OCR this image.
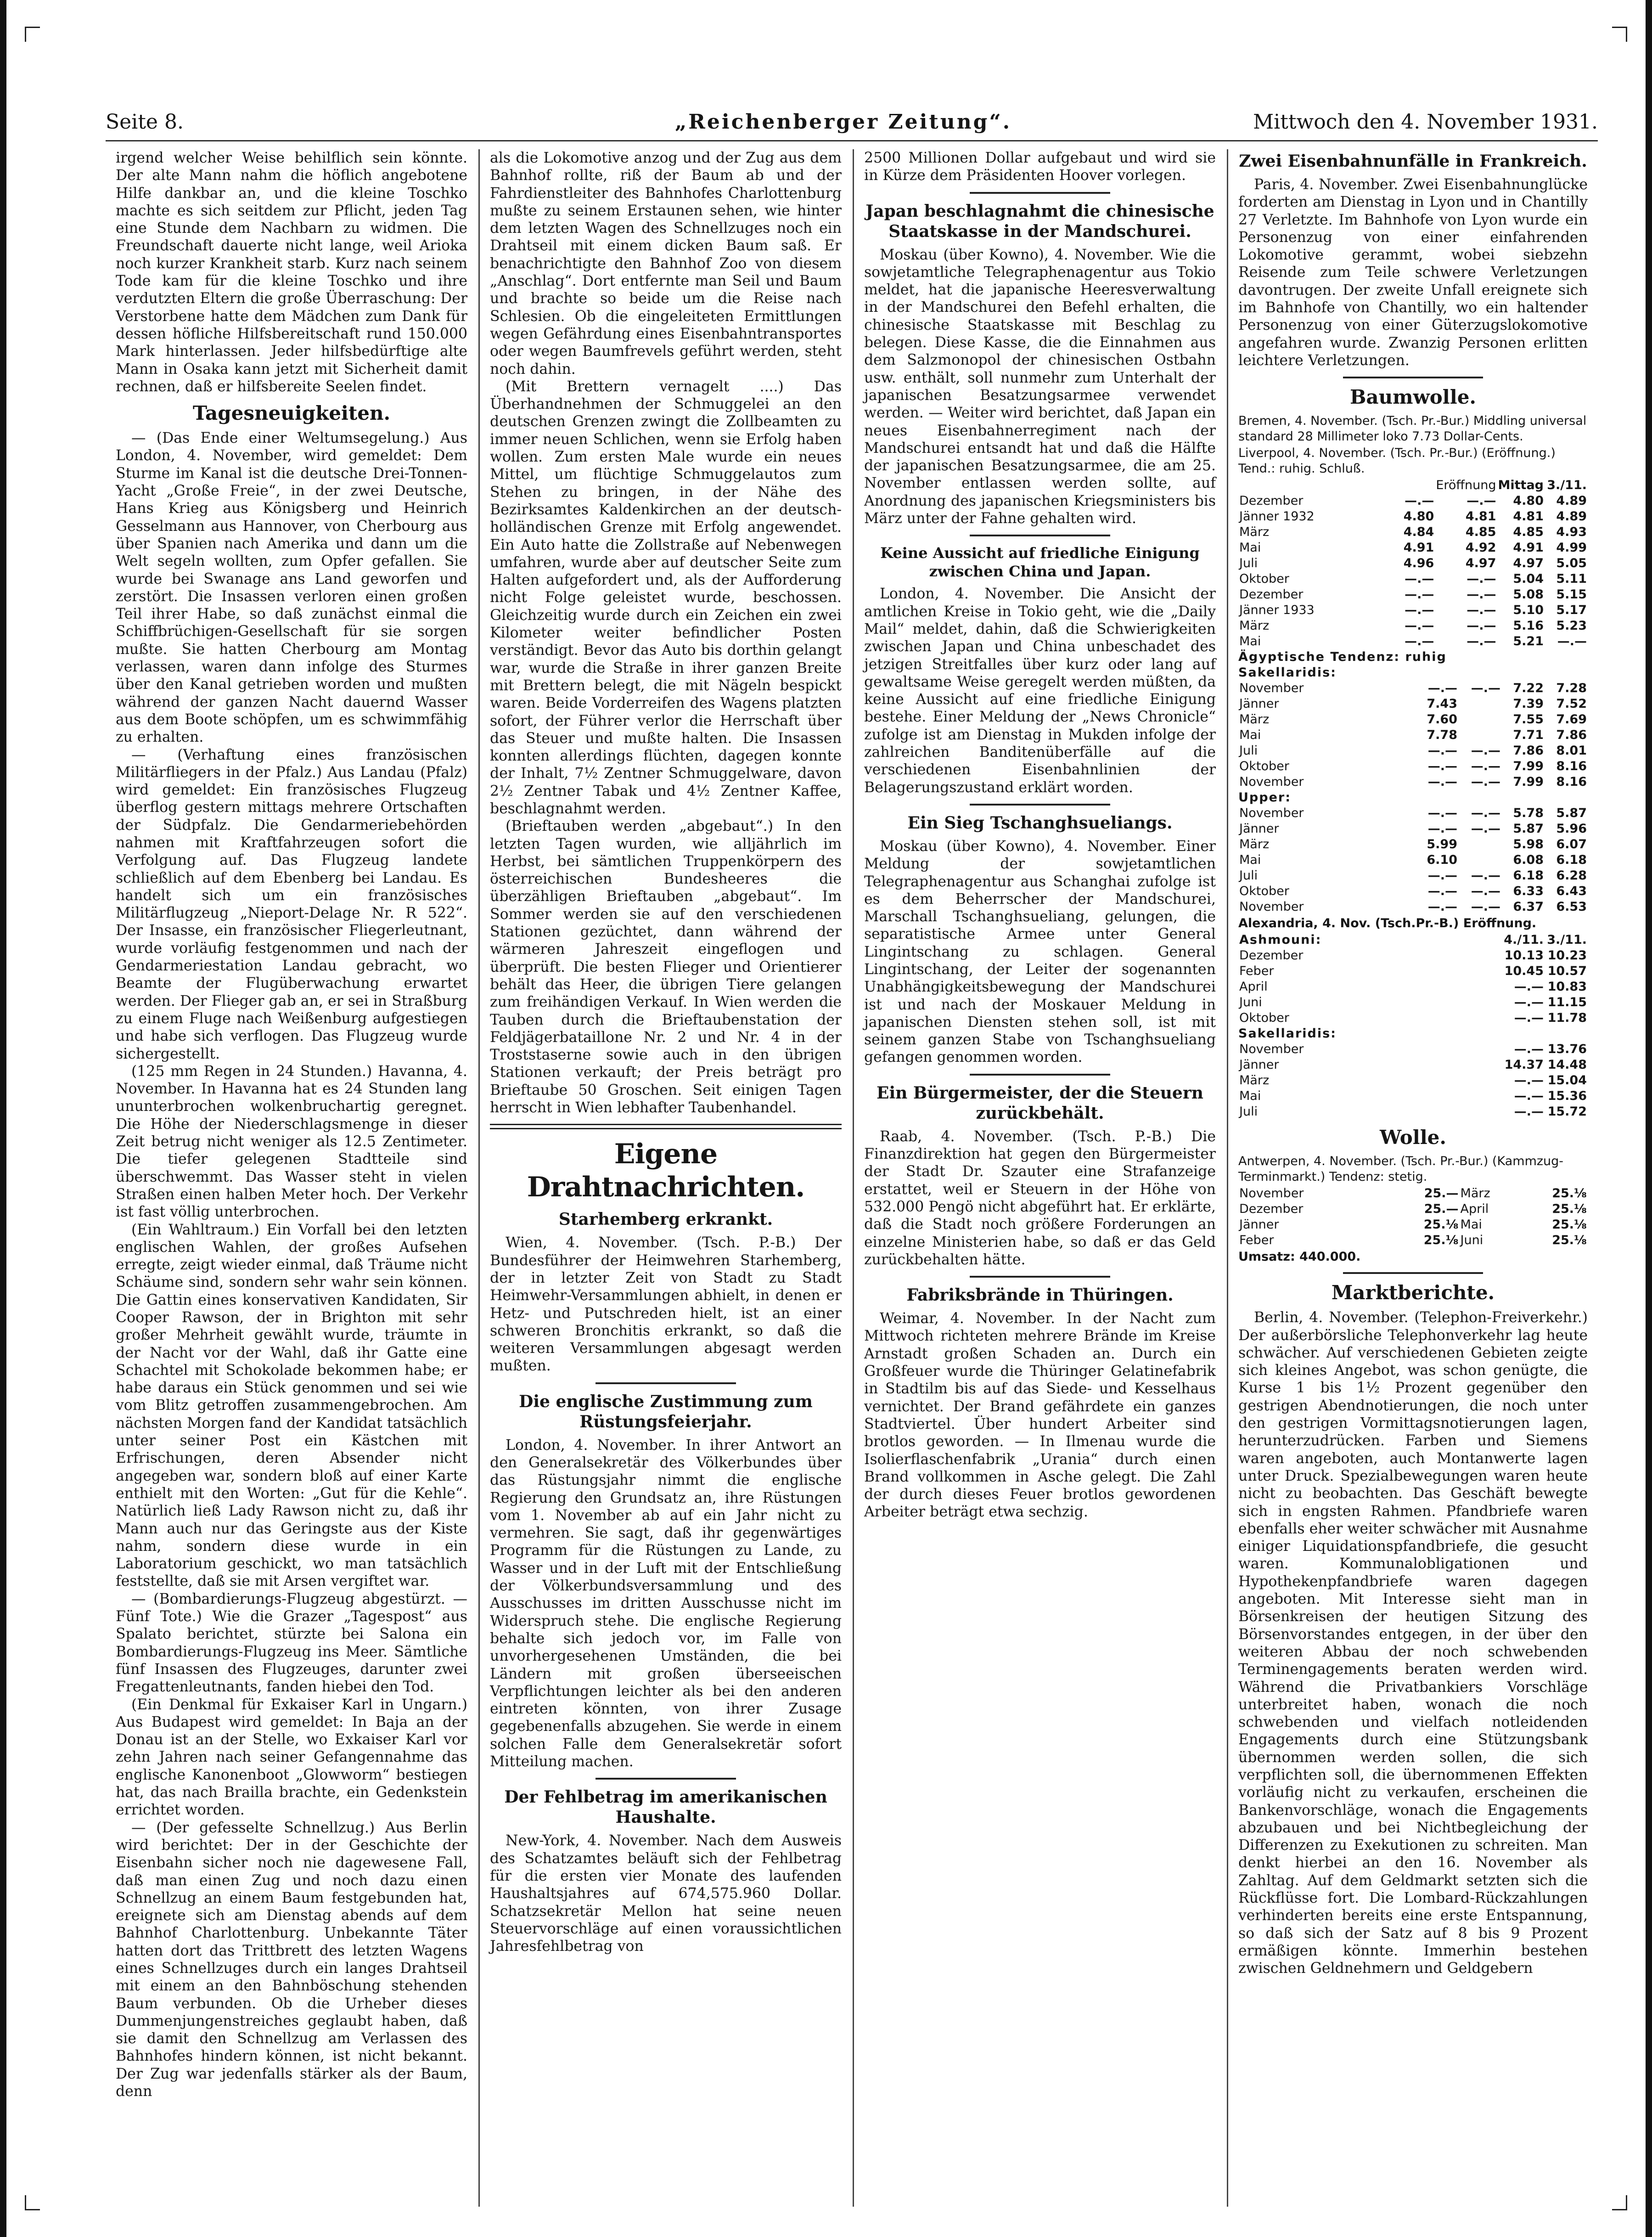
Seite 8.	„Reichenberger Zeitung“.	Mittwoch den 4. November 1931.

irgend welcher Weise behilflich sein könnte. Der alte Mann nahm die höflich angebotene Hilfe dankbar an, und die kleine Toschko machte es sich seitdem zur Pflicht, jeden Tag eine Stunde dem Nachbarn zu widmen. Die Freundschaft dauerte nicht lange, weil Arioka noch kurzer Krankheit starb. Kurz nach seinem Tode kam für die kleine Toschko und ihre verdutzten Eltern die große Überraschung: Der Verstorbene hatte dem Mädchen zum Dank für dessen höfliche Hilfsbereitschaft rund 150.000 Mark hinterlassen. Jeder hilfsbedürftige alte Mann in Osaka kann jetzt mit Sicherheit damit rechnen, daß er hilfsbereite Seelen findet.

Tagesneuigkeiten.

— (Das Ende einer Weltumsegelung.) Aus London, 4. November, wird gemeldet: Dem Sturme im Kanal ist die deutsche Drei-Tonnen-Yacht „Große Freie“, in der zwei Deutsche, Hans Krieg aus Königsberg und Heinrich Gesselmann aus Hannover, von Cherbourg aus über Spanien nach Amerika und dann um die Welt segeln wollten, zum Opfer gefallen. Sie wurde bei Swanage ans Land geworfen und zerstört. Die Insassen verloren einen großen Teil ihrer Habe, so daß zunächst einmal die Schiffbrüchigen-Gesellschaft für sie sorgen mußte. Sie hatten Cherbourg am Montag verlassen, waren dann infolge des Sturmes über den Kanal getrieben worden und mußten während der ganzen Nacht dauernd Wasser aus dem Boote schöpfen, um es schwimmfähig zu erhalten.

— (Verhaftung eines französischen Militärfliegers in der Pfalz.) Aus Landau (Pfalz) wird gemeldet: Ein französisches Flugzeug überflog gestern mittags mehrere Ortschaften der Südpfalz. Die Gendarmeriebehörden nahmen mit Kraftfahrzeugen sofort die Verfolgung auf. Das Flugzeug landete schließlich auf dem Ebenberg bei Landau. Es handelt sich um ein französisches Militärflugzeug „Nieport-Delage Nr. R 522“. Der Insasse, ein französischer Fliegerleutnant, wurde vorläufig festgenommen und nach der Gendarmeriestation Landau gebracht, wo Beamte der Flugüberwachung erwartet werden. Der Flieger gab an, er sei in Straßburg zu einem Fluge nach Weißenburg aufgestiegen und habe sich verflogen. Das Flugzeug wurde sichergestellt.

(125 mm Regen in 24 Stunden.) Havanna, 4. November. In Havanna hat es 24 Stunden lang ununterbrochen wolkenbruchartig geregnet. Die Höhe der Niederschlagsmenge in dieser Zeit betrug nicht weniger als 12.5 Zentimeter. Die tiefer gelegenen Stadtteile sind überschwemmt. Das Wasser steht in vielen Straßen einen halben Meter hoch. Der Verkehr ist fast völlig unterbrochen.

(Ein Wahltraum.) Ein Vorfall bei den letzten englischen Wahlen, der großes Aufsehen erregte, zeigt wieder einmal, daß Träume nicht Schäume sind, sondern sehr wahr sein können. Die Gattin eines konservativen Kandidaten, Sir Cooper Rawson, der in Brighton mit sehr großer Mehrheit gewählt wurde, träumte in der Nacht vor der Wahl, daß ihr Gatte eine Schachtel mit Schokolade bekommen habe; er habe daraus ein Stück genommen und sei wie vom Blitz getroffen zusammengebrochen. Am nächsten Morgen fand der Kandidat tatsächlich unter seiner Post ein Kästchen mit Erfrischungen, deren Absender nicht angegeben war, sondern bloß auf einer Karte enthielt mit den Worten: „Gut für die Kehle“. Natürlich ließ Lady Rawson nicht zu, daß ihr Mann auch nur das Geringste aus der Kiste nahm, sondern diese wurde in ein Laboratorium geschickt, wo man tatsächlich feststellte, daß sie mit Arsen vergiftet war.

— (Bombardierungs-Flugzeug abgestürzt. — Fünf Tote.) Wie die Grazer „Tagespost“ aus Spalato berichtet, stürzte bei Salona ein Bombardierungs-Flugzeug ins Meer. Sämtliche fünf Insassen des Flugzeuges, darunter zwei Fregattenleutnants, fanden hiebei den Tod.

(Ein Denkmal für Exkaiser Karl in Ungarn.) Aus Budapest wird gemeldet: In Baja an der Donau ist an der Stelle, wo Exkaiser Karl vor zehn Jahren nach seiner Gefangennahme das englische Kanonenboot „Glowworm“ bestiegen hat, das nach Brailla brachte, ein Gedenkstein errichtet worden.

— (Der gefesselte Schnellzug.) Aus Berlin wird berichtet: Der in der Geschichte der Eisenbahn sicher noch nie dagewesene Fall, daß man einen Zug und noch dazu einen Schnellzug an einem Baum festgebunden hat, ereignete sich am Dienstag abends auf dem Bahnhof Charlottenburg. Unbekannte Täter hatten dort das Trittbrett des letzten Wagens eines Schnellzuges durch ein langes Drahtseil mit einem an den Bahnböschung stehenden Baum verbunden. Ob die Urheber dieses Dummenjungenstreiches geglaubt haben, daß sie damit den Schnellzug am Verlassen des Bahnhofes hindern können, ist nicht bekannt. Der Zug war jedenfalls stärker als der Baum, denn

als die Lokomotive anzog und der Zug aus dem Bahnhof rollte, riß der Baum ab und der Fahrdienstleiter des Bahnhofes Charlottenburg mußte zu seinem Erstaunen sehen, wie hinter dem letzten Wagen des Schnellzuges noch ein Drahtseil mit einem dicken Baum saß. Er benachrichtigte den Bahnhof Zoo von diesem „Anschlag“. Dort entfernte man Seil und Baum und brachte so beide um die Reise nach Schlesien. Ob die eingeleiteten Ermittlungen wegen Gefährdung eines Eisenbahntransportes oder wegen Baumfrevels geführt werden, steht noch dahin.

(Mit Brettern vernagelt ....) Das Überhandnehmen der Schmuggelei an den deutschen Grenzen zwingt die Zollbeamten zu immer neuen Schlichen, wenn sie Erfolg haben wollen. Zum ersten Male wurde ein neues Mittel, um flüchtige Schmuggelautos zum Stehen zu bringen, in der Nähe des Bezirksamtes Kaldenkirchen an der deutsch-holländischen Grenze mit Erfolg angewendet. Ein Auto hatte die Zollstraße auf Nebenwegen umfahren, wurde aber auf deutscher Seite zum Halten aufgefordert und, als der Aufforderung nicht Folge geleistet wurde, beschossen. Gleichzeitig wurde durch ein Zeichen ein zwei Kilometer weiter befindlicher Posten verständigt. Bevor das Auto bis dorthin gelangt war, wurde die Straße in ihrer ganzen Breite mit Brettern belegt, die mit Nägeln bespickt waren. Beide Vorderreifen des Wagens platzten sofort, der Führer verlor die Herrschaft über das Steuer und mußte halten. Die Insassen konnten allerdings flüchten, dagegen konnte der Inhalt, 7½ Zentner Schmuggelware, davon 2½ Zentner Tabak und 4½ Zentner Kaffee, beschlagnahmt werden.

(Brieftauben werden „abgebaut“.) In den letzten Tagen wurden, wie alljährlich im Herbst, bei sämtlichen Truppenkörpern des österreichischen Bundesheeres die überzähligen Brieftauben „abgebaut“. Im Sommer werden sie auf den verschiedenen Stationen gezüchtet, dann während der wärmeren Jahreszeit eingeflogen und überprüft. Die besten Flieger und Orientierer behält das Heer, die übrigen Tiere gelangen zum freihändigen Verkauf. In Wien werden die Tauben durch die Brieftaubenstation der Feldjägerbataillone Nr. 2 und Nr. 4 in der Troststaserne sowie auch in den übrigen Stationen verkauft; der Preis beträgt pro Brieftaube 50 Groschen. Seit einigen Tagen herrscht in Wien lebhafter Taubenhandel.

Eigene Drahtnachrichten.
Starhemberg erkrankt.

Wien, 4. November. (Tsch. P.-B.) Der Bundesführer der Heimwehren Starhemberg, der in letzter Zeit von Stadt zu Stadt Heimwehr-Versammlungen abhielt, in denen er Hetz- und Putschreden hielt, ist an einer schweren Bronchitis erkrankt, so daß die weiteren Versammlungen abgesagt werden mußten.

Die englische Zustimmung zum Rüstungsfeierjahr.

London, 4. November. In ihrer Antwort an den Generalsekretär des Völkerbundes über das Rüstungsjahr nimmt die englische Regierung den Grundsatz an, ihre Rüstungen vom 1. November ab auf ein Jahr nicht zu vermehren. Sie sagt, daß ihr gegenwärtiges Programm für die Rüstungen zu Lande, zu Wasser und in der Luft mit der Entschließung der Völkerbundsversammlung und des Ausschusses im dritten Ausschusse nicht im Widerspruch stehe. Die englische Regierung behalte sich jedoch vor, im Falle von unvorhergesehenen Umständen, die bei Ländern mit großen überseeischen Verpflichtungen leichter als bei den anderen eintreten könnten, von ihrer Zusage gegebenenfalls abzugehen. Sie werde in einem solchen Falle dem Generalsekretär sofort Mitteilung machen.

Der Fehlbetrag im amerikanischen Haushalte.

New-York, 4. November. Nach dem Ausweis des Schatzamtes beläuft sich der Fehlbetrag für die ersten vier Monate des laufenden Haushaltsjahres auf 674,575.960 Dollar. Schatzsekretär Mellon hat seine neuen Steuervorschläge auf einen voraussichtlichen Jahresfehlbetrag von

2500 Millionen Dollar aufgebaut und wird sie in Kürze dem Präsidenten Hoover vorlegen.

Japan beschlagnahmt die chinesische Staatskasse in der Mandschurei.

Moskau (über Kowno), 4. November. Wie die sowjetamtliche Telegraphenagentur aus Tokio meldet, hat die japanische Heeresverwaltung in der Mandschurei den Befehl erhalten, die chinesische Staatskasse mit Beschlag zu belegen. Diese Kasse, die die Einnahmen aus dem Salzmonopol der chinesischen Ostbahn usw. enthält, soll nunmehr zum Unterhalt der japanischen Besatzungsarmee verwendet werden. — Weiter wird berichtet, daß Japan ein neues Eisenbahnerregiment nach der Mandschurei entsandt hat und daß die Hälfte der japanischen Besatzungsarmee, die am 25. November entlassen werden sollte, auf Anordnung des japanischen Kriegsministers bis März unter der Fahne gehalten wird.

Keine Aussicht auf friedliche Einigung zwischen China und Japan.

London, 4. November. Die Ansicht der amtlichen Kreise in Tokio geht, wie die „Daily Mail“ meldet, dahin, daß die Schwierigkeiten zwischen Japan und China unbeschadet des jetzigen Streitfalles über kurz oder lang auf gewaltsame Weise geregelt werden müßten, da keine Aussicht auf eine friedliche Einigung bestehe. Einer Meldung der „News Chronicle“ zufolge ist am Dienstag in Mukden infolge der zahlreichen Banditenüberfälle auf die verschiedenen Eisenbahnlinien der Belagerungszustand erklärt worden.

Ein Sieg Tschanghsueliangs.

Moskau (über Kowno), 4. November. Einer Meldung der sowjetamtlichen Telegraphenagentur aus Schanghai zufolge ist es dem Beherrscher der Mandschurei, Marschall Tschanghsueliang, gelungen, die separatistische Armee unter General Lingintschang zu schlagen. General Lingintschang, der Leiter der sogenannten Unabhängigkeitsbewegung der Mandschurei ist und nach der Moskauer Meldung in japanischen Diensten stehen soll, ist mit seinem ganzen Stabe von Tschanghsueliang gefangen genommen worden.

Ein Bürgermeister, der die Steuern zurückbehält.

Raab, 4. November. (Tsch. P.-B.) Die Finanzdirektion hat gegen den Bürgermeister der Stadt Dr. Szauter eine Strafanzeige erstattet, weil er Steuern in der Höhe von 532.000 Pengö nicht abgeführt hat. Er erklärte, daß die Stadt noch größere Forderungen an einzelne Ministerien habe, so daß er das Geld zurückbehalten hätte.

Fabriksbrände in Thüringen.

Weimar, 4. November. In der Nacht zum Mittwoch richteten mehrere Brände im Kreise Arnstadt großen Schaden an. Durch ein Großfeuer wurde die Thüringer Gelatinefabrik in Stadtilm bis auf das Siede- und Kesselhaus vernichtet. Der Brand gefährdete ein ganzes Stadtviertel. Über hundert Arbeiter sind brotlos geworden. — In Ilmenau wurde die Isolierflaschenfabrik „Urania“ durch einen Brand vollkommen in Asche gelegt. Die Zahl der durch dieses Feuer brotlos gewordenen Arbeiter beträgt etwa sechzig.

Zwei Eisenbahnunfälle in Frankreich.

Paris, 4. November. Zwei Eisenbahnunglücke forderten am Dienstag in Lyon und in Chantilly 27 Verletzte. Im Bahnhofe von Lyon wurde ein Personenzug von einer einfahrenden Lokomotive gerammt, wobei siebzehn Reisende zum Teile schwere Verletzungen davontrugen. Der zweite Unfall ereignete sich im Bahnhofe von Chantilly, wo ein haltender Personenzug von einer Güterzugslokomotive angefahren wurde. Zwanzig Personen erlitten leichtere Verletzungen.

Baumwolle.
Bremen, 4. November. (Tsch. Pr.-Bur.) Middling universal standard 28 Millimeter loko 7.73 Dollar-Cents.
Liverpool, 4. November. (Tsch. Pr.-Bur.) (Eröffnung.) Tend.: ruhig. Schluß.
		Eröffnung	Mittag	3./11.
Dezember	—.—	—.—	4.80	4.89
Jänner 1932	4.80	4.81	4.81	4.89
März	4.84	4.85	4.85	4.93
Mai	4.91	4.92	4.91	4.99
Juli	4.96	4.97	4.97	5.05
Oktober	—.—	—.—	5.04	5.11
Dezember	—.—	—.—	5.08	5.15
Jänner 1933	—.—	—.—	5.10	5.17
März	—.—	—.—	5.16	5.23
Mai	—.—	—.—	5.21	—.—
Ägyptische Tendenz: ruhig
Sakellaridis:
November	—.—	—.—	7.22	7.28
Jänner	7.43		7.39	7.52
März	7.60		7.55	7.69
Mai	7.78		7.71	7.86
Juli	—.—	—.—	7.86	8.01
Oktober	—.—	—.—	7.99	8.16
November	—.—	—.—	7.99	8.16
Upper:
November	—.—	—.—	5.78	5.87
Jänner	—.—	—.—	5.87	5.96
März	5.99		5.98	6.07
Mai	6.10		6.08	6.18
Juli	—.—	—.—	6.18	6.28
Oktober	—.—	—.—	6.33	6.43
November	—.—	—.—	6.37	6.53
Alexandria, 4. Nov. (Tsch.Pr.-B.) Eröffnung.
Ashmouni:	4./11.	3./11.
Dezember	10.13	10.23
Feber	10.45	10.57
April	—.—	10.83
Juni	—.—	11.15
Oktober	—.—	11.78
Sakellaridis:
November	—.—	13.76
Jänner	14.37	14.48
März	—.—	15.04
Mai	—.—	15.36
Juli	—.—	15.72
Wolle.
Antwerpen, 4. November. (Tsch. Pr.-Bur.) (Kammzug-Terminmarkt.) Tendenz: stetig.
November	25.—	März	25.⅛
Dezember	25.—	April	25.⅛
Jänner	25.⅛	Mai	25.⅛
Feber	25.⅛	Juni	25.⅛
Umsatz: 440.000.
Marktberichte.

Berlin, 4. November. (Telephon-Freiverkehr.) Der außerbörsliche Telephonverkehr lag heute schwächer. Auf verschiedenen Gebieten zeigte sich kleines Angebot, was schon genügte, die Kurse 1 bis 1½ Prozent gegenüber den gestrigen Abendnotierungen, die noch unter den gestrigen Vormittagsnotierungen lagen, herunterzudrücken. Farben und Siemens waren angeboten, auch Montanwerte lagen unter Druck. Spezialbewegungen waren heute nicht zu beobachten. Das Geschäft bewegte sich in engsten Rahmen. Pfandbriefe waren ebenfalls eher weiter schwächer mit Ausnahme einiger Liquidationspfandbriefe, die gesucht waren. Kommunalobligationen und Hypothekenpfandbriefe waren dagegen angeboten. Mit Interesse sieht man in Börsenkreisen der heutigen Sitzung des Börsenvorstandes entgegen, in der über den weiteren Abbau der noch schwebenden Terminengagements beraten werden wird. Während die Privatbankiers Vorschläge unterbreitet haben, wonach die noch schwebenden und vielfach notleidenden Engagements durch eine Stützungsbank übernommen werden sollen, die sich verpflichten soll, die übernommenen Effekten vorläufig nicht zu verkaufen, erscheinen die Bankenvorschläge, wonach die Engagements abzubauen und bei Nichtbegleichung der Differenzen zu Exekutionen zu schreiten. Man denkt hierbei an den 16. November als Zahltag. Auf dem Geldmarkt setzten sich die Rückflüsse fort. Die Lombard-Rückzahlungen verhinderten bereits eine erste Entspannung, so daß sich der Satz auf 8 bis 9 Prozent ermäßigen könnte. Immerhin bestehen zwischen Geldnehmern und Geldgebern
